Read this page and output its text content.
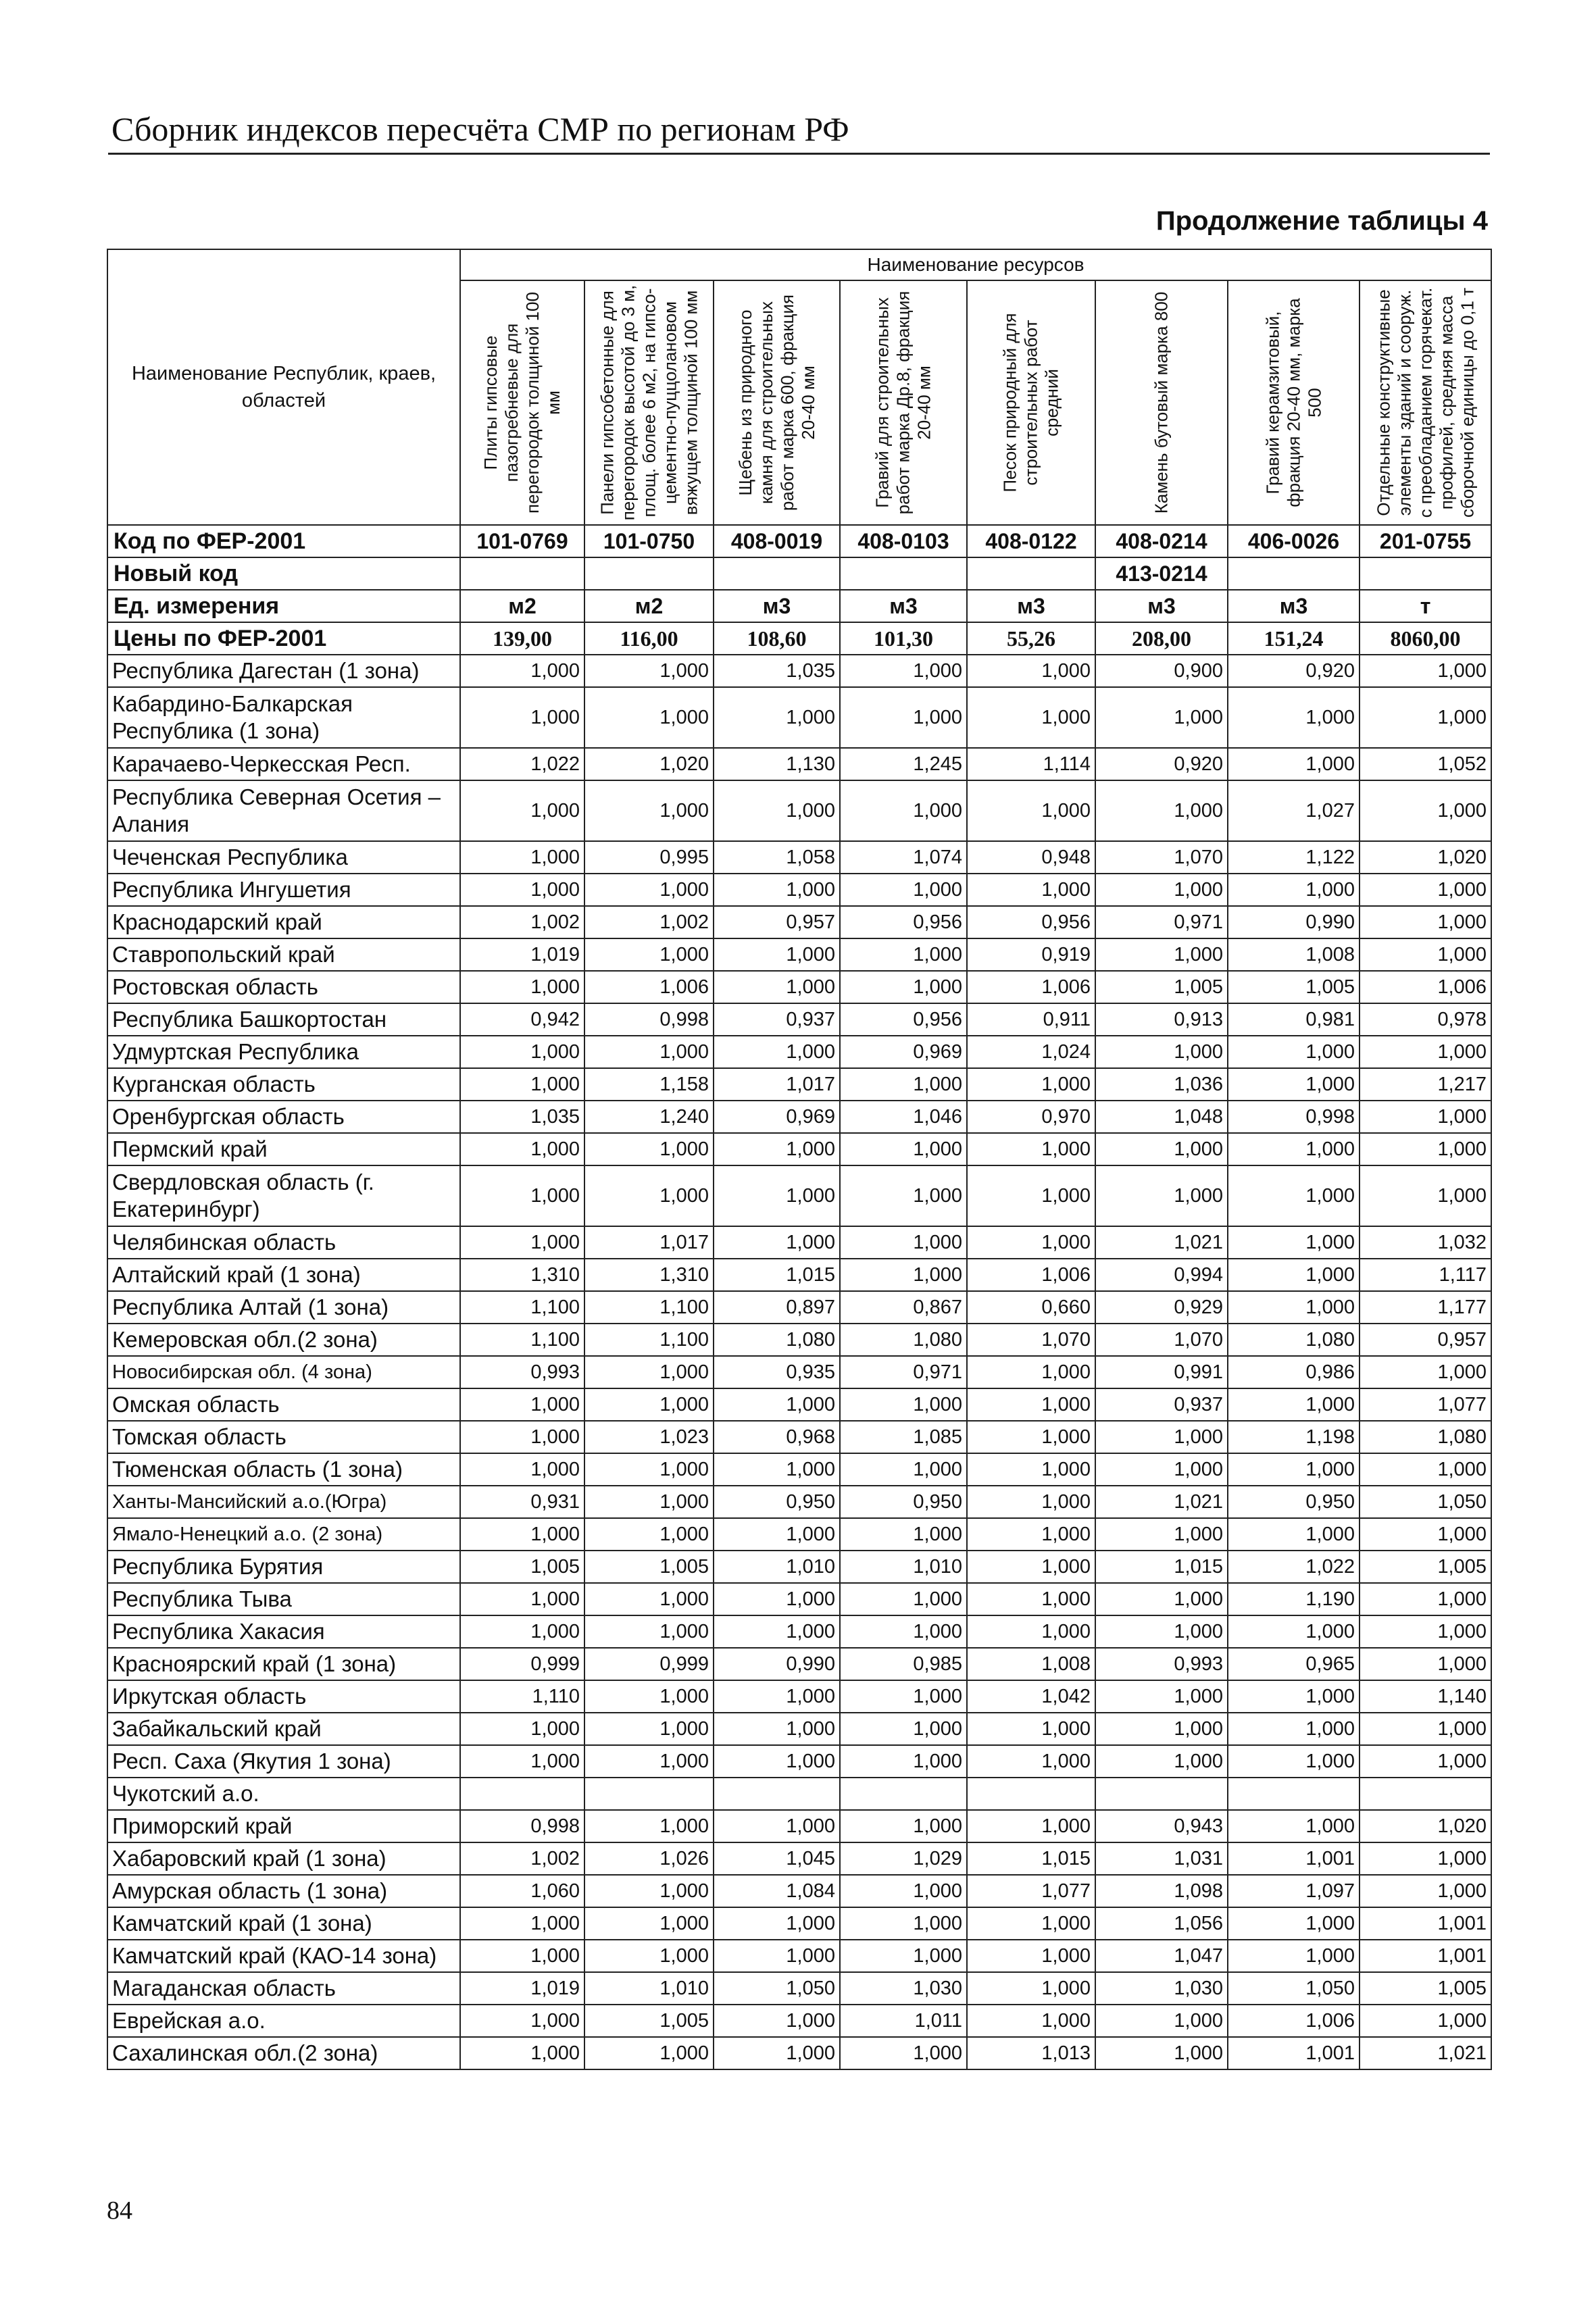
Сборник индексов пересчёта СМР по регионам РФ
Продолжение таблицы 4
Наименование Республик, краев, областей	Наименование ресурсов							

	Плиты гипсовые пазогребневые для перегородок толщиной 100 мм	Панели гипсобетонные для перегородок высотой до 3 м, площ. более 6 м2, на гипсо-цементно-пуццолановом вяжущем толщиной 100 мм	Щебень из природного камня для строительных работ марка 600, фракция 20-40 мм	Гравий для строительных работ марка Др.8, фракция 20-40 мм	Песок природный для строительных работ средний	Камень бутовый марка 800	Гравий керамзитовый, фракция 20-40 мм, марка 500	Отдельные конструктивные элементы зданий и сооруж. с преобладанием горячекат. профилей, средняя масса сборочной единицы до 0,1 т

Код по ФЕР-2001	101-0769	101-0750	408-0019	408-0103	408-0122	408-0214	406-0026	201-0755
Новый код						413-0214		
Ед. измерения	м2	м2	м3	м3	м3	м3	м3	т
Цены по ФЕР-2001	139,00	116,00	108,60	101,30	55,26	208,00	151,24	8060,00
Республика Дагестан (1 зона)	1,000	1,000	1,035	1,000	1,000	0,900	0,920	1,000
Кабардино-Балкарская Республика (1 зона)	1,000	1,000	1,000	1,000	1,000	1,000	1,000	1,000
Карачаево-Черкесская Респ.	1,022	1,020	1,130	1,245	1,114	0,920	1,000	1,052
Республика Северная Осетия – Алания	1,000	1,000	1,000	1,000	1,000	1,000	1,027	1,000
Чеченская Республика	1,000	0,995	1,058	1,074	0,948	1,070	1,122	1,020
Республика Ингушетия	1,000	1,000	1,000	1,000	1,000	1,000	1,000	1,000
Краснодарский край	1,002	1,002	0,957	0,956	0,956	0,971	0,990	1,000
Ставропольский край	1,019	1,000	1,000	1,000	0,919	1,000	1,008	1,000
Ростовская область	1,000	1,006	1,000	1,000	1,006	1,005	1,005	1,006
Республика Башкортостан	0,942	0,998	0,937	0,956	0,911	0,913	0,981	0,978
Удмуртская Республика	1,000	1,000	1,000	0,969	1,024	1,000	1,000	1,000
Курганская область	1,000	1,158	1,017	1,000	1,000	1,036	1,000	1,217
Оренбургская область	1,035	1,240	0,969	1,046	0,970	1,048	0,998	1,000
Пермский край	1,000	1,000	1,000	1,000	1,000	1,000	1,000	1,000
Свердловская область (г. Екатеринбург)	1,000	1,000	1,000	1,000	1,000	1,000	1,000	1,000
Челябинская область	1,000	1,017	1,000	1,000	1,000	1,021	1,000	1,032
Алтайский край (1 зона)	1,310	1,310	1,015	1,000	1,006	0,994	1,000	1,117
Республика Алтай (1 зона)	1,100	1,100	0,897	0,867	0,660	0,929	1,000	1,177
Кемеровская обл.(2 зона)	1,100	1,100	1,080	1,080	1,070	1,070	1,080	0,957
Новосибирская обл. (4 зона)	0,993	1,000	0,935	0,971	1,000	0,991	0,986	1,000
Омская область	1,000	1,000	1,000	1,000	1,000	0,937	1,000	1,077
Томская область	1,000	1,023	0,968	1,085	1,000	1,000	1,198	1,080
Тюменская область (1 зона)	1,000	1,000	1,000	1,000	1,000	1,000	1,000	1,000
Ханты-Мансийский а.о.(Югра)	0,931	1,000	0,950	0,950	1,000	1,021	0,950	1,050
Ямало-Ненецкий а.о. (2 зона)	1,000	1,000	1,000	1,000	1,000	1,000	1,000	1,000
Республика Бурятия	1,005	1,005	1,010	1,010	1,000	1,015	1,022	1,005
Республика Тыва	1,000	1,000	1,000	1,000	1,000	1,000	1,190	1,000
Республика Хакасия	1,000	1,000	1,000	1,000	1,000	1,000	1,000	1,000
Красноярский край (1 зона)	0,999	0,999	0,990	0,985	1,008	0,993	0,965	1,000
Иркутская область	1,110	1,000	1,000	1,000	1,042	1,000	1,000	1,140
Забайкальский край	1,000	1,000	1,000	1,000	1,000	1,000	1,000	1,000
Респ. Саха (Якутия 1 зона)	1,000	1,000	1,000	1,000	1,000	1,000	1,000	1,000
Чукотский а.о.								
Приморский край	0,998	1,000	1,000	1,000	1,000	0,943	1,000	1,020
Хабаровский край (1 зона)	1,002	1,026	1,045	1,029	1,015	1,031	1,001	1,000
Амурская область (1 зона)	1,060	1,000	1,084	1,000	1,077	1,098	1,097	1,000
Камчатский край (1 зона)	1,000	1,000	1,000	1,000	1,000	1,056	1,000	1,001
Камчатский край (КАО-14 зона)	1,000	1,000	1,000	1,000	1,000	1,047	1,000	1,001
Магаданская область	1,019	1,010	1,050	1,030	1,000	1,030	1,050	1,005
Еврейская а.о.	1,000	1,005	1,000	1,011	1,000	1,000	1,006	1,000
Сахалинская обл.(2 зона)	1,000	1,000	1,000	1,000	1,013	1,000	1,001	1,021
84
